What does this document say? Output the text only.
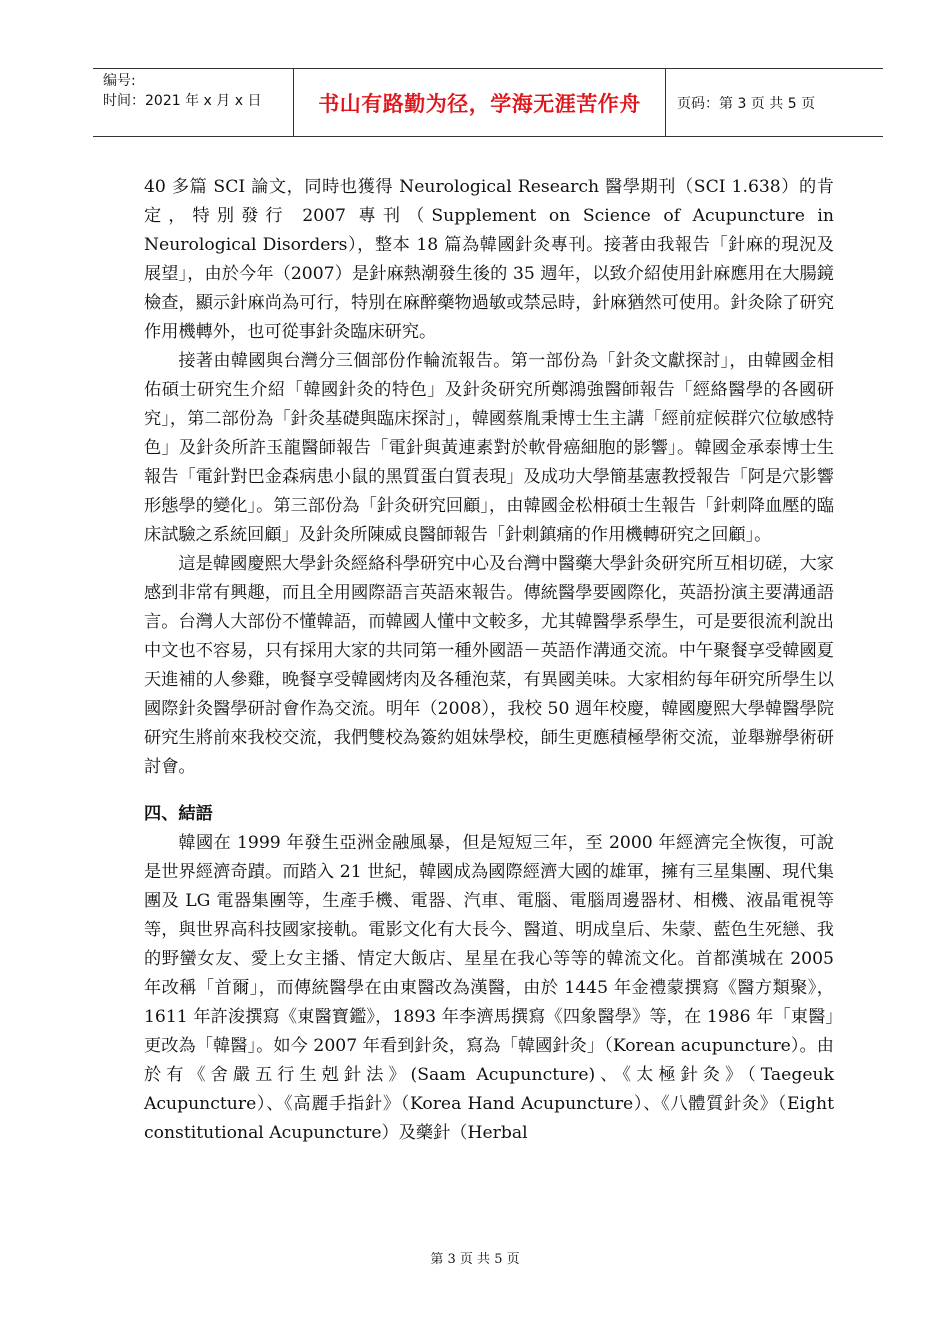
编号:
时间：2021 年 x 月 x 日	书山有路勤为径，学海无涯苦作舟	页码：第 3 页 共 5 页

40 多篇 SCI 論文，同時也獲得 Neurological Research 醫學期刊（SCI 1.638）的肯定，特別發行 2007 專刊（Supplement on Science of Acupuncture in Neurological Disorders），整本 18 篇為韓國針灸專刊。接著由我報告「針麻的現況及展望」，由於今年（2007）是針麻熱潮發生後的 35 週年，以致介紹使用針麻應用在大腸鏡檢查，顯示針麻尚為可行，特別在麻醉藥物過敏或禁忌時，針麻猶然可使用。針灸除了研究作用機轉外，也可從事針灸臨床研究。

接著由韓國與台灣分三個部份作輪流報告。第一部份為「針灸文獻探討」，由韓國金相佑碩士研究生介紹「韓國針灸的特色」及針灸研究所鄭鴻強醫師報告「經絡醫學的各國研究」，第二部份為「針灸基礎與臨床探討」，韓國蔡胤秉博士生主講「經前症候群穴位敏感特色」及針灸所許玉龍醫師報告「電針與黃連素對於軟骨癌細胞的影響」。韓國金承泰博士生報告「電針對巴金森病患小鼠的黑質蛋白質表現」及成功大學簡基憲教授報告「阿是穴影響形態學的變化」。第三部份為「針灸研究回顧」，由韓國金松枏碩士生報告「針刺降血壓的臨床試驗之系統回顧」及針灸所陳威良醫師報告「針刺鎮痛的作用機轉研究之回顧」。

這是韓國慶熙大學針灸經絡科學研究中心及台灣中醫藥大學針灸研究所互相切磋，大家感到非常有興趣，而且全用國際語言英語來報告。傳統醫學要國際化，英語扮演主要溝通語言。台灣人大部份不懂韓語，而韓國人懂中文較多，尤其韓醫學系學生，可是要很流利說出中文也不容易，只有採用大家的共同第一種外國語－英語作溝通交流。中午聚餐享受韓國夏天進補的人參雞，晚餐享受韓國烤肉及各種泡菜，有異國美味。大家相約每年研究所學生以國際針灸醫學研討會作為交流。明年（2008），我校 50 週年校慶，韓國慶熙大學韓醫學院研究生將前來我校交流，我們雙校為簽約姐妹學校，師生更應積極學術交流，並舉辦學術研討會。

四、結語

韓國在 1999 年發生亞洲金融風暴，但是短短三年，至 2000 年經濟完全恢復，可說是世界經濟奇蹟。而踏入 21 世紀，韓國成為國際經濟大國的雄軍，擁有三星集團、現代集團及 LG 電器集團等，生產手機、電器、汽車、電腦、電腦周邊器材、相機、液晶電視等等，與世界高科技國家接軌。電影文化有大長今、醫道、明成皇后、朱蒙、藍色生死戀、我的野蠻女友、愛上女主播、情定大飯店、星星在我心等等的韓流文化。首都漢城在 2005 年改稱「首爾」，而傳統醫學在由東醫改為漢醫，由於 1445 年金禮蒙撰寫《醫方類聚》，1611 年許浚撰寫《東醫寶鑑》，1893 年李濟馬撰寫《四象醫學》等，在 1986 年「東醫」更改為「韓醫」。如今 2007 年看到針灸，寫為「韓國針灸」（Korean acupuncture）。由於有《舍嚴五行生剋針法》(Saam Acupuncture)、《太極針灸》（Taegeuk Acupuncture）、《高麗手指針》（Korea Hand Acupuncture）、《八體質針灸》（Eight constitutional Acupuncture）及藥針（Herbal

第 3 页 共 5 页
